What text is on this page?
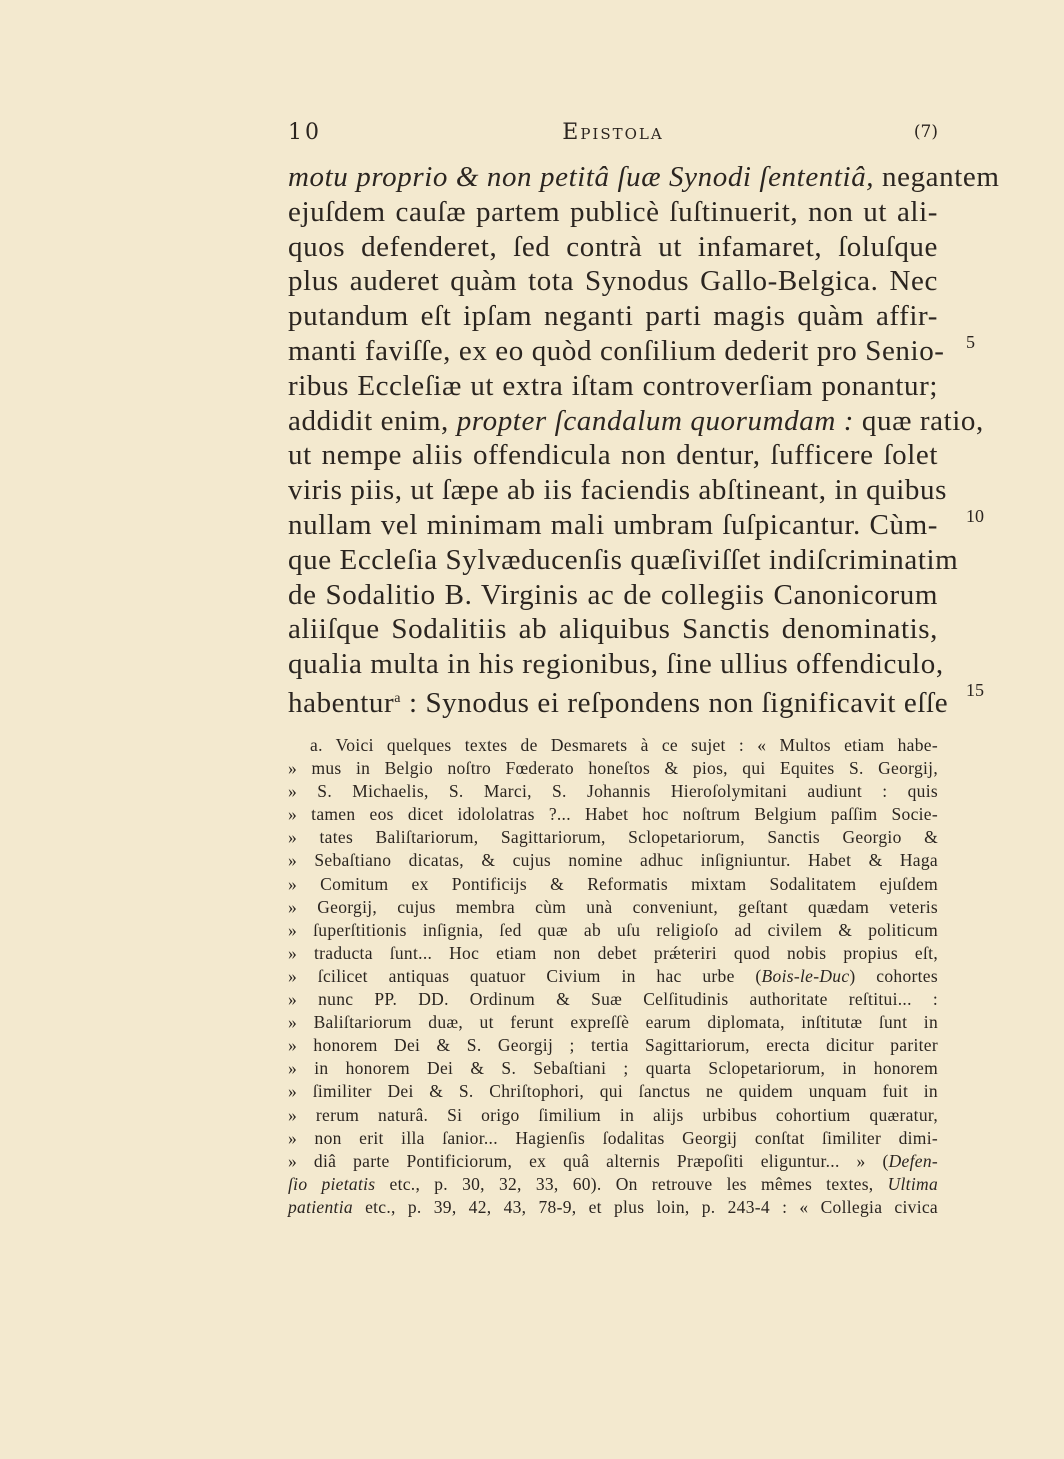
10	Epistola	(7)
motu proprio & non petitâ ſuæ Synodi ſententiâ, negantem
ejuſdem cauſæ partem publicè ſuſtinuerit, non ut ali-
quos defenderet, ſed contrà ut infamaret, ſoluſque
plus auderet quàm tota Synodus Gallo-Belgica. Nec
putandum eſt ipſam neganti parti magis quàm affir-
manti faviſſe, ex eo quòd conſilium dederit pro Senio-
ribus Eccleſiæ ut extra iſtam controverſiam ponantur;
addidit enim, propter ſcandalum quorumdam : quæ ratio,
ut nempe aliis offendicula non dentur, ſufficere ſolet
viris piis, ut ſæpe ab iis faciendis abſtineant, in quibus
nullam vel minimam mali umbram ſuſpicantur. Cùm-
que Eccleſia Sylvæducenſis quæſiviſſet indiſcriminatim
de Sodalitio B. Virginis ac de collegiis Canonicorum
aliiſque Sodalitiis ab aliquibus Sanctis denominatis,
qualia multa in his regionibus, ſine ullius offendiculo,
habentur$^a$ : Synodus ei reſpondens non ſignificavit eſſe
5
10
15
a. Voici quelques textes de Desmarets à ce sujet : « Multos etiam habe-
» mus in Belgio noſtro Fœderato honeſtos & pios, qui Equites S. Georgij,
» S. Michaelis, S. Marci, S. Johannis Hieroſolymitani audiunt : quis
» tamen eos dicet idololatras ?... Habet hoc noſtrum Belgium paſſim Socie-
» tates Baliſtariorum, Sagittariorum, Sclopetariorum, Sanctis Georgio &
» Sebaſtiano dicatas, & cujus nomine adhuc inſigniuntur. Habet & Haga
» Comitum ex Pontificijs & Reformatis mixtam Sodalitatem ejuſdem
» Georgij, cujus membra cùm unà conveniunt, geſtant quædam veteris
» ſuperſtitionis inſignia, ſed quæ ab uſu religioſo ad civilem & politicum
» traducta ſunt... Hoc etiam non debet prǽteriri quod nobis propius eſt,
» ſcilicet antiquas quatuor Civium in hac urbe (Bois-le-Duc) cohortes
» nunc PP. DD. Ordinum & Suæ Celſitudinis authoritate reſtitui... :
» Baliſtariorum duæ, ut ferunt expreſſè earum diplomata, inſtitutæ ſunt in
» honorem Dei & S. Georgij ; tertia Sagittariorum, erecta dicitur pariter
» in honorem Dei & S. Sebaſtiani ; quarta Sclopetariorum, in honorem
» ſimiliter Dei & S. Chriſtophori, qui ſanctus ne quidem unquam fuit in
» rerum naturâ. Si origo ſimilium in alijs urbibus cohortium quæratur,
» non erit illa ſanior... Hagienſis ſodalitas Georgij conſtat ſimiliter dimi-
» diâ parte Pontificiorum, ex quâ alternis Præpoſiti eliguntur... » (Defen-
ſio pietatis etc., p. 30, 32, 33, 60). On retrouve les mêmes textes, Ultima
patientia etc., p. 39, 42, 43, 78-9, et plus loin, p. 243-4 : « Collegia civica
